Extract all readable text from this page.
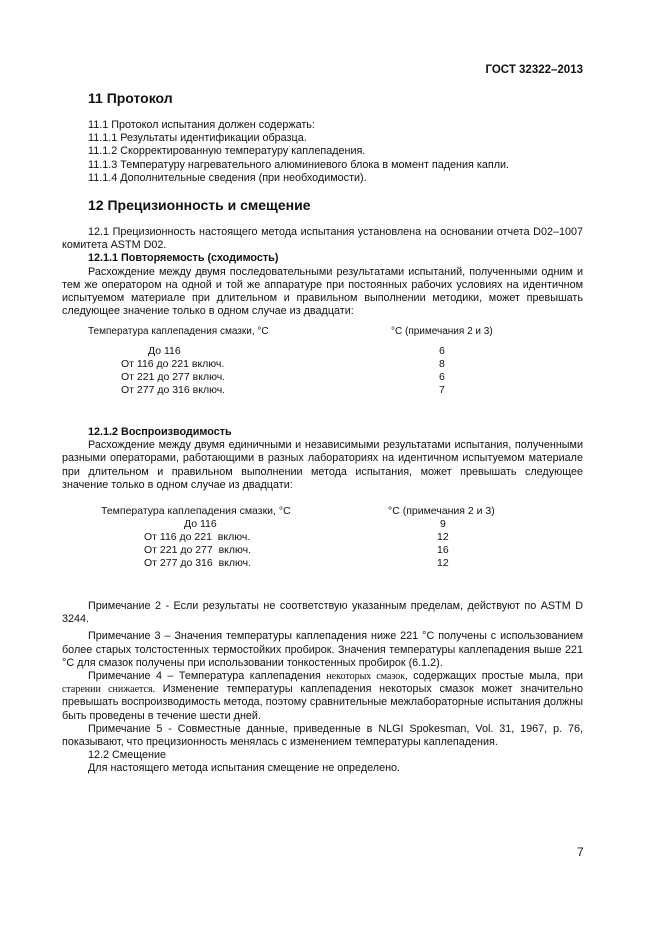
ГОСТ 32322–2013
11 Протокол
11.1 Протокол испытания должен содержать:
11.1.1 Результаты идентификации образца.
11.1.2 Скорректированную температуру каплепадения.
11.1.3 Температуру нагревательного алюминиевого блока в момент падения капли.
11.1.4 Дополнительные сведения (при необходимости).
12 Прецизионность и смещение

12.1 Прецизионность настоящего метода испытания установлена на основании отчета D02–1007 комитета ASTM D02.

12.1.1 Повторяемость (сходимость)

Расхождение между двумя последовательными результатами испытаний, полученными одним и тем же оператором на одной и той же аппаратуре при постоянных рабочих условиях на идентичном испытуемом материале при длительном и правильном выполнении методики, может превышать следующее значение только в одном случае из двадцати:

Температура каплепадения смазки, °С	°С (примечания 2 и 3)
До 116	6
От 116 до 221 включ.	8
От 221 до 277 включ.	6
От 277 до 316 включ.	7

12.1.2 Воспроизводимость

Расхождение между двумя единичными и независимыми результатами испытания, полученными разными операторами, работающими в разных лабораториях на идентичном испытуемом материале при длительном и правильном выполнении метода испытания, может превышать следующее значение только в одном случае из двадцати:

Температура каплепадения смазки, °С	°С (примечания 2 и 3)
До 116	9
От 116 до 221  включ.	12
От 221 до 277  включ.	16
От 277 до 316  включ.	12

Примечание 2 - Если результаты не соответствую указанным пределам, действуют по ASTM D 3244.

Примечание 3 – Значения температуры каплепадения ниже 221 °С получены с использованием более старых толстостенных термостойких пробирок. Значения температуры каплепадения выше 221 °С для смазок получены при использовании тонкостенных пробирок (6.1.2).

Примечание 4 – Температура каплепадения некоторых смазок, содержащих простые мыла, при старении снижается. Изменение температуры каплепадения некоторых смазок может значительно превышать воспроизводимость метода, поэтому сравнительные межлабораторные испытания должны быть проведены в течение шести дней.

Примечание 5 - Совместные данные, приведенные в NLGI Spokesman, Vol. 31, 1967, p. 76, показывают, что прецизионность менялась с изменением температуры каплепадения.

12.2 Смещение

Для настоящего метода испытания смещение не определено.

7
